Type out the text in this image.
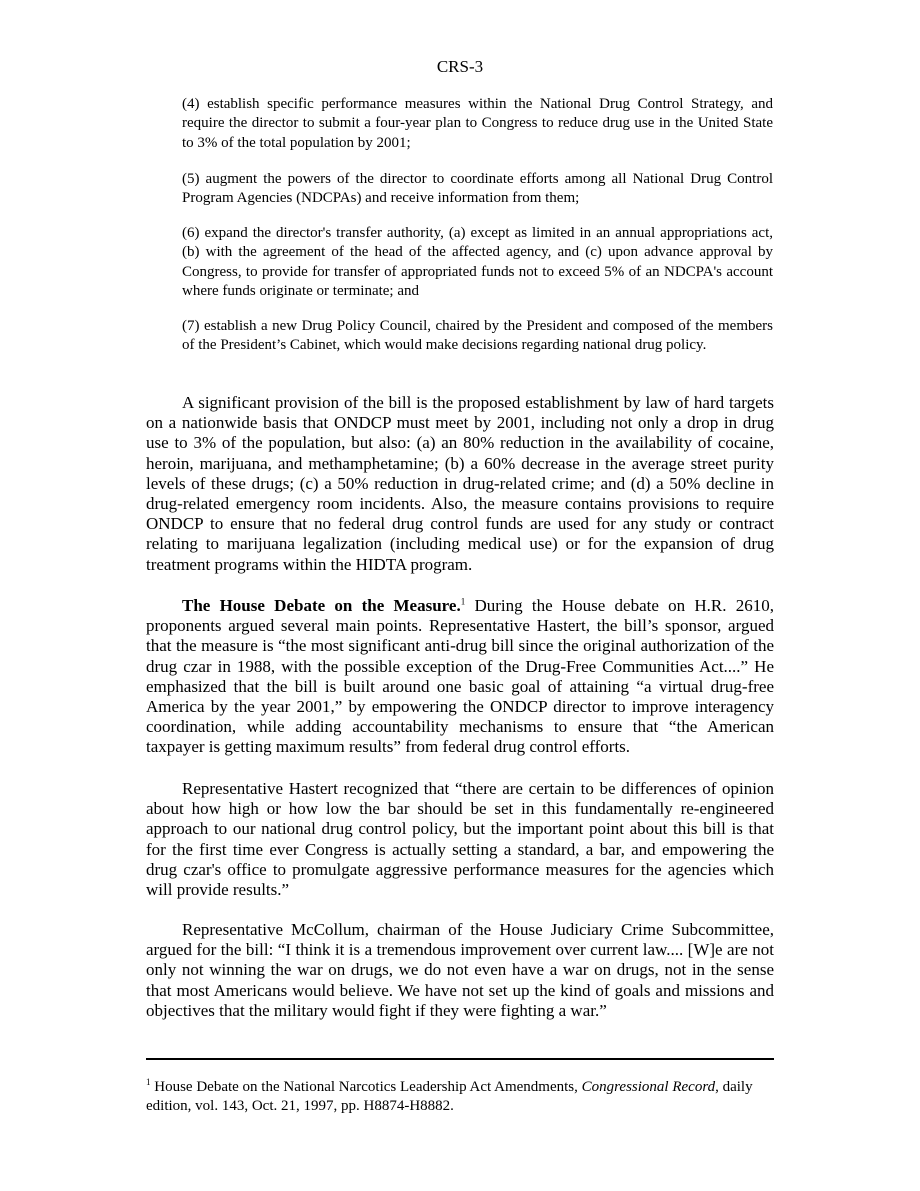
CRS-3

(4) establish specific performance measures within the National Drug Control Strategy, and require the director to submit a four-year plan to Congress to reduce drug use in the United State to 3% of the total population by 2001;

(5) augment the powers of the director to coordinate efforts among all National Drug Control Program Agencies (NDCPAs) and receive information from them;

(6) expand the director's transfer authority, (a) except as limited in an annual appropriations act, (b) with the agreement of the head of the affected agency, and (c) upon advance approval by Congress, to provide for transfer of appropriated funds not to exceed 5% of an NDCPA's account where funds originate or terminate; and

(7) establish a new Drug Policy Council, chaired by the President and composed of the members of the President’s Cabinet, which would make decisions regarding national drug policy.

A significant provision of the bill is the proposed establishment by law of hard targets on a nationwide basis that ONDCP must meet by 2001, including not only a drop in drug use to 3% of the population, but also: (a) an 80% reduction in the availability of cocaine, heroin, marijuana, and methamphetamine; (b) a 60% decrease in the average street purity levels of these drugs; (c) a 50% reduction in drug-related crime; and (d) a 50% decline in drug-related emergency room incidents. Also, the measure contains provisions to require ONDCP to ensure that no federal drug control funds are used for any study or contract relating to marijuana legalization (including medical use) or for the expansion of drug treatment programs within the HIDTA program.

The House Debate on the Measure.$^1$ During the House debate on H.R. 2610, proponents argued several main points. Representative Hastert, the bill’s sponsor, argued that the measure is “the most significant anti-drug bill since the original authorization of the drug czar in 1988, with the possible exception of the Drug-Free Communities Act....” He emphasized that the bill is built around one basic goal of attaining “a virtual drug-free America by the year 2001,” by empowering the ONDCP director to improve interagency coordination, while adding accountability mechanisms to ensure that “the American taxpayer is getting maximum results” from federal drug control efforts.

Representative Hastert recognized that “there are certain to be differences of opinion about how high or how low the bar should be set in this fundamentally re-engineered approach to our national drug control policy, but the important point about this bill is that for the first time ever Congress is actually setting a standard, a bar, and empowering the drug czar's office to promulgate aggressive performance measures for the agencies which will provide results.”

Representative McCollum, chairman of the House Judiciary Crime Subcommittee, argued for the bill: “I think it is a tremendous improvement over current law.... [W]e are not only not winning the war on drugs, we do not even have a war on drugs, not in the sense that most Americans would believe. We have not set up the kind of goals and missions and objectives that the military would fight if they were fighting a war.”

$^1$ House Debate on the National Narcotics Leadership Act Amendments, Congressional Record, daily edition, vol. 143, Oct. 21, 1997, pp. H8874-H8882.
